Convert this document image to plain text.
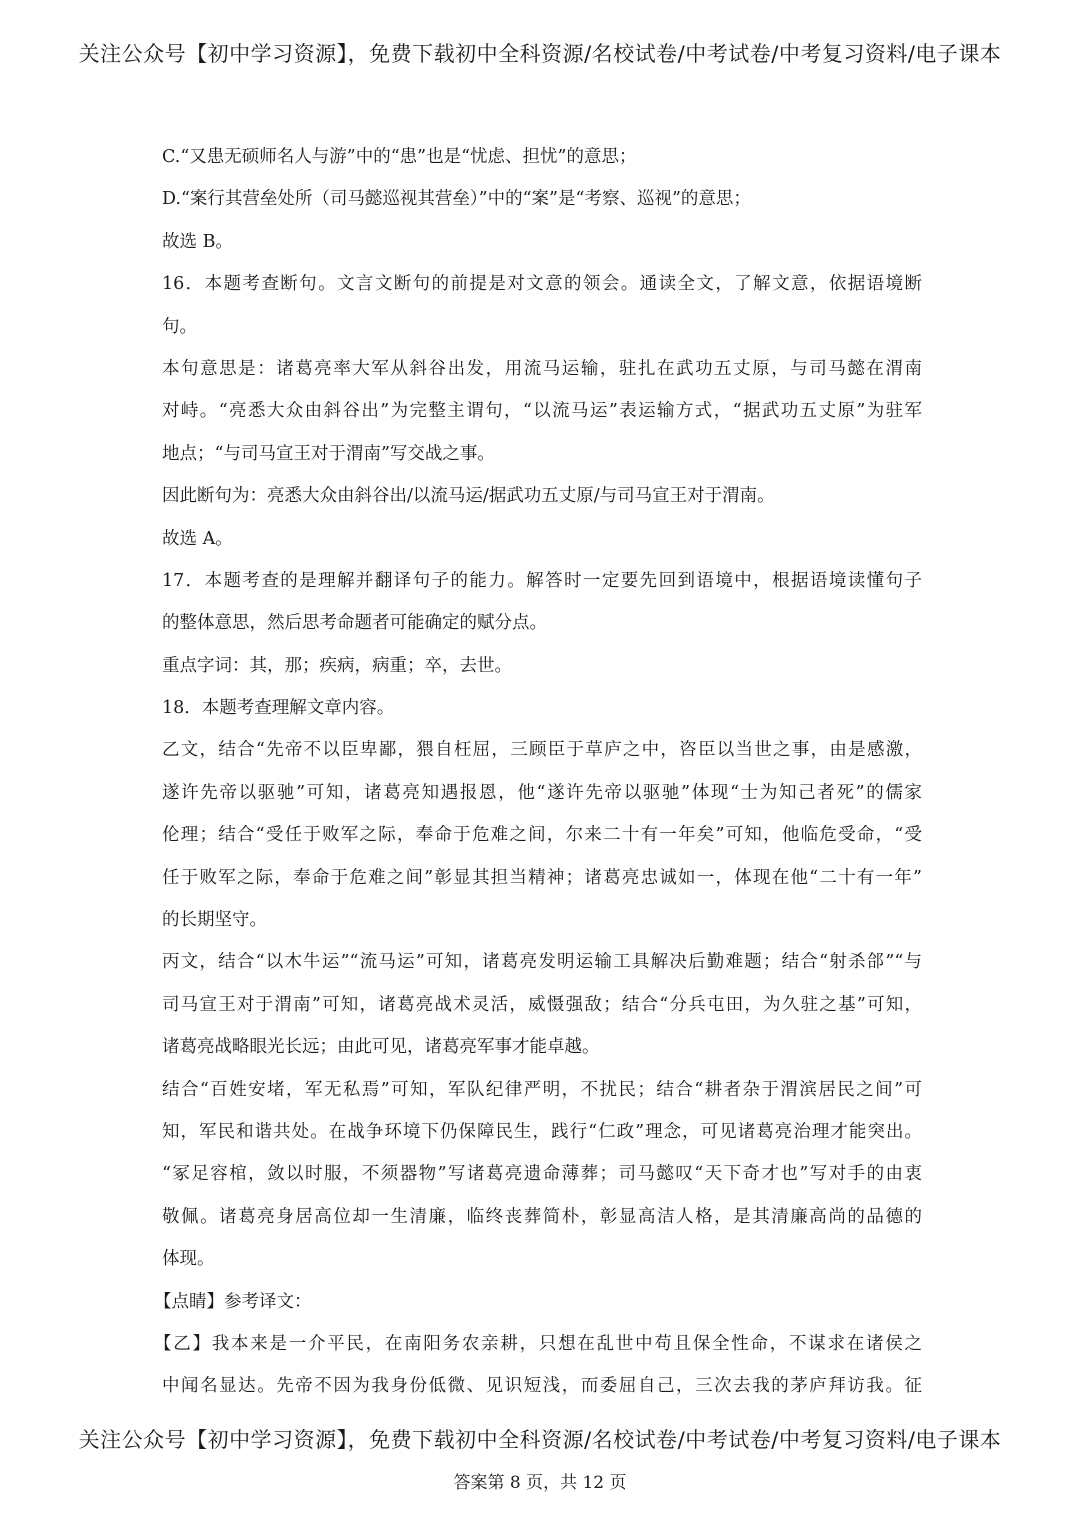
关注公众号【初中学习资源】，免费下载初中全科资源/名校试卷/中考试卷/中考复习资料/电子课本
C.“又患无硕师名人与游”中的“患”也是“忧虑、担忧”的意思；
D.“案行其营垒处所（司马懿巡视其营垒）”中的“案”是“考察、巡视”的意思；
故选 B。
16．本题考查断句。文言文断句的前提是对文意的领会。通读全文，了解文意，依据语境断
句。
本句意思是：诸葛亮率大军从斜谷出发，用流马运输，驻扎在武功五丈原，与司马懿在渭南
对峙。“亮悉大众由斜谷出”为完整主谓句，“以流马运”表运输方式，“据武功五丈原”为驻军
地点；“与司马宣王对于渭南”写交战之事。
因此断句为：亮悉大众由斜谷出/以流马运/据武功五丈原/与司马宣王对于渭南。
故选 A。
17．本题考查的是理解并翻译句子的能力。解答时一定要先回到语境中，根据语境读懂句子
的整体意思，然后思考命题者可能确定的赋分点。
重点字词：其，那；疾病，病重；卒，去世。
18．本题考查理解文章内容。
乙文，结合“先帝不以臣卑鄙，猥自枉屈，三顾臣于草庐之中，咨臣以当世之事，由是感激，
遂许先帝以驱驰”可知，诸葛亮知遇报恩，他“遂许先帝以驱驰”体现“士为知己者死”的儒家
伦理；结合“受任于败军之际，奉命于危难之间，尔来二十有一年矣”可知，他临危受命，“受
任于败军之际，奉命于危难之间”彰显其担当精神；诸葛亮忠诚如一，体现在他“二十有一年”
的长期坚守。
丙文，结合“以木牛运”“流马运”可知，诸葛亮发明运输工具解决后勤难题；结合“射杀郃”“与
司马宣王对于渭南”可知，诸葛亮战术灵活，威慑强敌；结合“分兵屯田，为久驻之基”可知，
诸葛亮战略眼光长远；由此可见，诸葛亮军事才能卓越。
结合“百姓安堵，军无私焉”可知，军队纪律严明，不扰民；结合“耕者杂于渭滨居民之间”可
知，军民和谐共处。在战争环境下仍保障民生，践行“仁政”理念，可见诸葛亮治理才能突出。
“冢足容棺，敛以时服，不须器物”写诸葛亮遗命薄葬；司马懿叹“天下奇才也”写对手的由衷
敬佩。诸葛亮身居高位却一生清廉，临终丧葬简朴，彰显高洁人格，是其清廉高尚的品德的
体现。
【点睛】参考译文：
【乙】我本来是一介平民，在南阳务农亲耕，只想在乱世中苟且保全性命，不谋求在诸侯之
中闻名显达。先帝不因为我身份低微、见识短浅，而委屈自己，三次去我的茅庐拜访我。征
关注公众号【初中学习资源】，免费下载初中全科资源/名校试卷/中考试卷/中考复习资料/电子课本
答案第 8 页，共 12 页
